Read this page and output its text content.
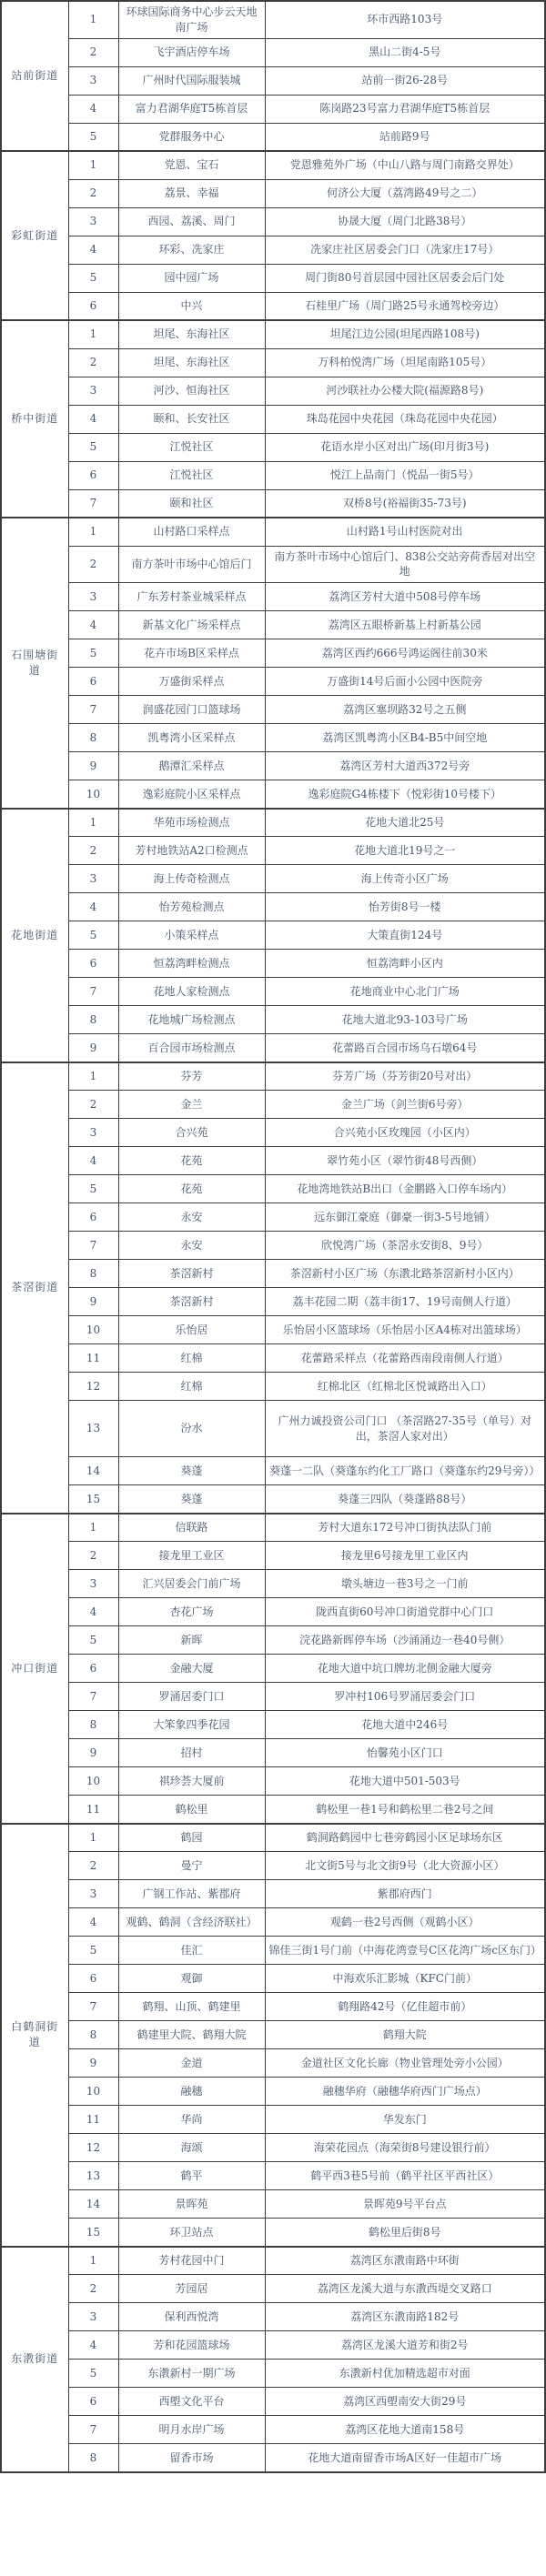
站前街道	1	环球国际商务中心步云天地南广场	环市西路103号
	2	飞宇酒店停车场	黑山二街4-5号
	3	广州时代国际服装城	站前一街26-28号
	4	富力君湖华庭T5栋首层	陈岗路23号富力君湖华庭T5栋首层
	5	党群服务中心	站前路9号
彩虹街道	1	党恩、宝石	党恩雅苑外广场（中山八路与周门南路交界处）
	2	荔景、幸福	何济公大厦（荔湾路49号之二）
	3	西园、荔溪、周门	协晟大厦（周门北路38号）
	4	环彩、冼家庄	冼家庄社区居委会门口（冼家庄17号）
	5	园中园广场	周门街80号首层园中园社区居委会后门处
	6	中兴	石桂里广场（周门路25号永通驾校旁边）
桥中街道	1	坦尾、东海社区	坦尾江边公园(坦尾西路108号)
	2	坦尾、东海社区	万科柏悦湾广场（坦尾南路105号）
	3	河沙、恒海社区	河沙联社办公楼大院(福源路8号)
	4	颐和、长安社区	珠岛花园中央花园（珠岛花园中央花园）
	5	江悦社区	花语水岸小区对出广场(印月街3号)
	6	江悦社区	悦江上品南门（悦品一街5号）
	7	颐和社区	双桥8号(裕福街35-73号)
石围塘街道	1	山村路口采样点	山村路1号山村医院对出
	2	南方茶叶市场中心馆后门	南方茶叶市场中心馆后门、838公交站旁荷香居对出空地
	3	广东芳村茶业城采样点	荔湾区芳村大道中508号停车场
	4	新基文化广场采样点	荔湾区五眼桥新基上村新基公园
	5	花卉市场B区采样点	荔湾区西约666号鸿运阁往前30米
	6	万盛街采样点	万盛街14号后面小公园中医院旁
	7	润盛花园门口篮球场	荔湾区塞坝路32号之五侧
	8	凯粤湾小区采样点	荔湾区凯粤湾小区B4-B5中间空地
	9	鹅潭汇采样点	荔湾区芳村大道西372号旁
	10	逸彩庭院小区采样点	逸彩庭院G4栋楼下（悦彩街10号楼下）
花地街道	1	华苑市场检测点	花地大道北25号
	2	芳村地铁站A2口检测点	花地大道北19号之一
	3	海上传奇检测点	海上传奇小区广场
	4	怡芳苑检测点	怡芳街8号一楼
	5	小策采样点	大策直街124号
	6	恒荔湾畔检测点	恒荔湾畔小区内
	7	花地人家检测点	花地商业中心北门广场
	8	花地城广场检测点	花地大道北93-103号广场
	9	百合园市场检测点	花蕾路百合园市场乌石墩64号
茶滘街道	1	芬芳	芬芳广场（芬芳街20号对出）
	2	金兰	金兰广场（剑兰街6号旁）
	3	合兴苑	合兴苑小区玫瑰园（小区内）
	4	花苑	翠竹苑小区（翠竹街48号西侧）
	5	花苑	花地湾地铁站B出口（金鹏路入口停车场内）
	6	永安	远东御江豪庭（御豪一街3-5号地铺）
	7	永安	欣悦湾广场（茶滘永安街8、9号）
	8	茶滘新村	茶滘新村小区广场（东漖北路茶滘新村小区内）
	9	茶滘新村	荔丰花园二期（荔丰街17、19号南侧人行道）
	10	乐怡居	乐怡居小区篮球场（乐怡居小区A4栋对出篮球场）
	11	红棉	花蕾路采样点（花蕾路西南段南侧人行道）
	12	红棉	红棉北区（红棉北区悦诚路出入口）
	13	汾水	广州力诚投资公司门口 （茶滘路27-35号（单号）对出，茶滘人家对出）
	14	葵蓬	葵蓬一二队（葵蓬东约化工厂路口（葵蓬东约29号旁））
	15	葵蓬	葵蓬三四队（葵蓬路88号）
冲口街道	1	信联路	芳村大道东172号冲口街执法队门前
	2	接龙里工业区	接龙里6号接龙里工业区内
	3	汇兴居委会门前广场	墩头塘边一巷3号之一门前
	4	杏花广场	陇西直街60号冲口街道党群中心门口
	5	新晖	浣花路新晖停车场（沙涌涌边一巷40号侧）
	6	金融大厦	花地大道中坑口牌坊北侧金融大厦旁
	7	罗涌居委门口	罗冲村106号罗涌居委会门口
	8	大笨象四季花园	花地大道中246号
	9	招村	怡馨苑小区门口
	10	祺珍荟大厦前	花地大道中501-503号
	11	鹤松里	鹤松里一巷1号和鹤松里二巷2号之间
白鹤洞街道	1	鹤园	鹤洞路鹤园中七巷旁鹤园小区足球场东区
	2	曼宁	北文街5号与北文街9号（北大资源小区）
	3	广钢工作站、紫郡府	紫郡府西门
	4	观鹤、鹤洞（含经济联社）	观鹤一巷2号西侧（观鹤小区）
	5	佳汇	锦佳三街1号门前（中海花湾壹号C区花湾广场c区东门）
	6	观御	中海欢乐汇影城（KFC门前）
	7	鹤翔、山顶、鹤建里	鹤翔路42号（亿佳超市前）
	8	鹤建里大院、鹤翔大院	鹤翔大院
	9	金道	金道社区文化长廊（物业管理处旁小公园）
	10	融穗	融穗华府（融穗华府西门广场点）
	11	华尚	华发东门
	12	海颂	海荣花园点（海荣街8号建设银行前）
	13	鹤平	鹤平西3巷5号前（鹤平社区平西社区）
	14	景晖苑	景晖苑9号平台点
	15	环卫站点	鹤松里后街8号
东漖街道	1	芳村花园中门	荔湾区东漖南路中环街
	2	芳园居	荔湾区龙溪大道与东漖西堤交叉路口
	3	保利西悦湾	荔湾区东漖南路182号
	4	芳和花园篮球场	荔湾区龙溪大道芳和街2号
	5	东漖新村一期广场	东漖新村优加精选超市对面
	6	西塱文化平台	荔湾区西塱南安大街29号
	7	明月水岸广场	荔湾区花地大道南158号
	8	留香市场	花地大道南留香市场A区好一佳超市广场
